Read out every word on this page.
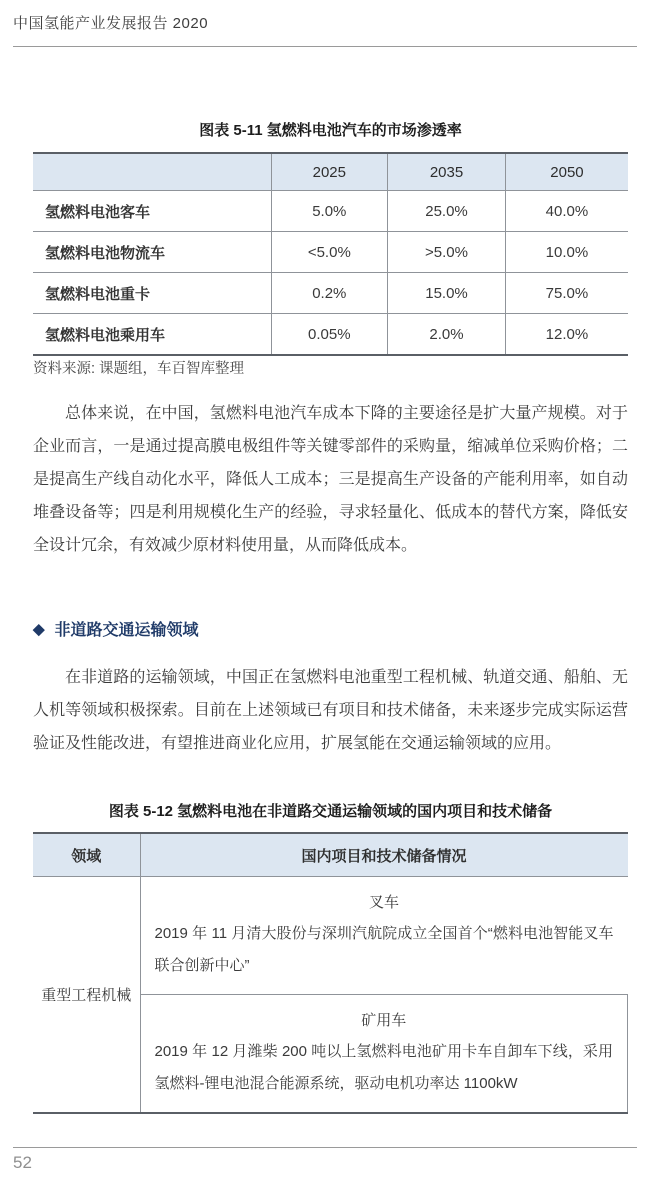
中国氢能产业发展报告 2020
图表 5-11 氢燃料电池汽车的市场渗透率
	2025	2035	2050
氢燃料电池客车	5.0%	25.0%	40.0%
氢燃料电池物流车	<5.0%	>5.0%	10.0%
氢燃料电池重卡	0.2%	15.0%	75.0%
氢燃料电池乘用车	0.05%	2.0%	12.0%
资料来源: 课题组，车百智库整理
总体来说，在中国，氢燃料电池汽车成本下降的主要途径是扩大量产规模。对于企业而言，一是通过提高膜电极组件等关键零部件的采购量，缩减单位采购价格；二是提高生产线自动化水平，降低人工成本；三是提高生产设备的产能利用率，如自动堆叠设备等；四是利用规模化生产的经验，寻求轻量化、低成本的替代方案，降低安全设计冗余，有效减少原材料使用量，从而降低成本。
◆ 非道路交通运输领域
在非道路的运输领域，中国正在氢燃料电池重型工程机械、轨道交通、船舶、无人机等领域积极探索。目前在上述领域已有项目和技术储备，未来逐步完成实际运营验证及性能改进，有望推进商业化应用，扩展氢能在交通运输领域的应用。
图表 5-12 氢燃料电池在非道路交通运输领域的国内项目和技术储备
领域	国内项目和技术储备情况
重型工程机械	叉车
2019 年 11 月清大股份与深圳汽航院成立全国首个“燃料电池智能叉车联合创新中心”

	矿用车
2019 年 12 月潍柴 200 吨以上氢燃料电池矿用卡车自卸车下线，采用氢燃料-锂电池混合能源系统，驱动电机功率达 1100kW
52
